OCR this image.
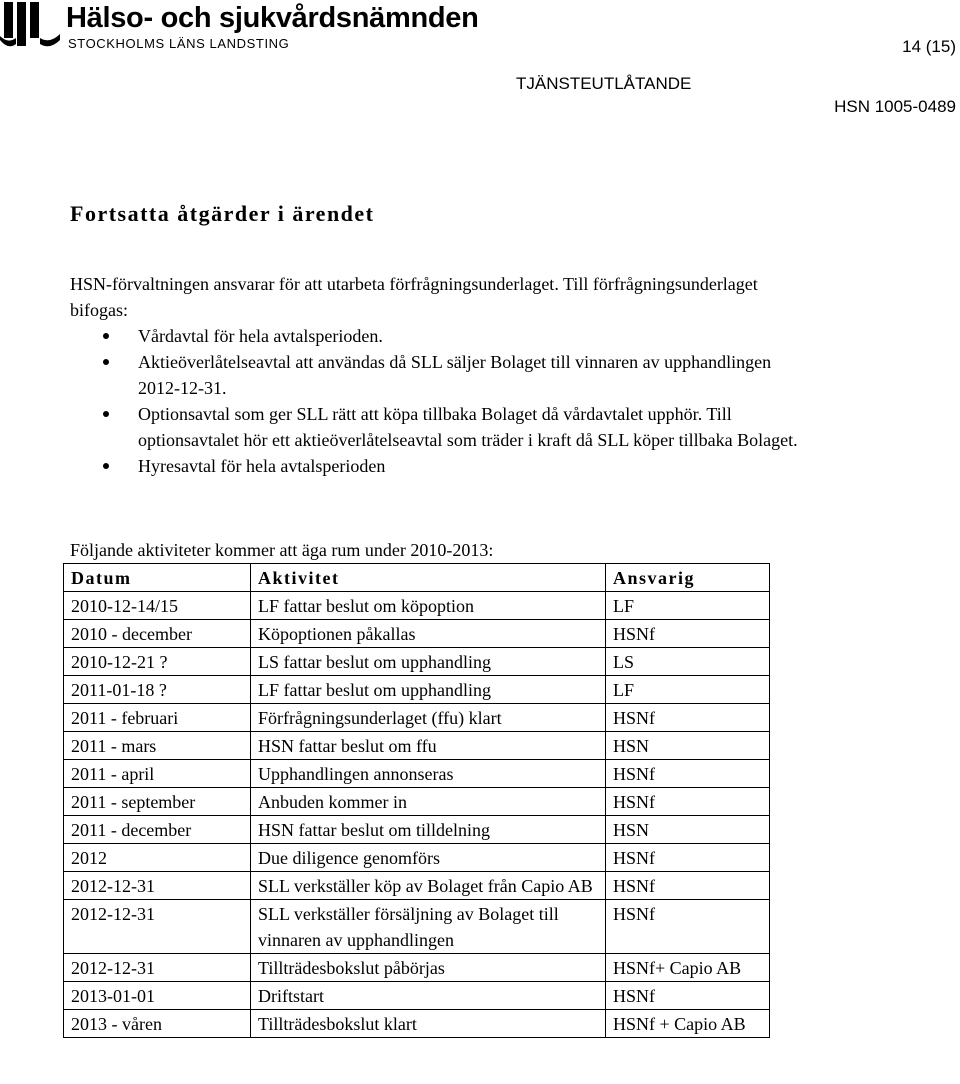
Hälso- och sjukvårdsnämnden
STOCKHOLMS LÄNS LANDSTING	14 (15)
TJÄNSTEUTLÅTANDE
HSN 1005-0489
Fortsatta åtgärder i ärendet
HSN-förvaltningen ansvarar för att utarbeta förfrågningsunderlaget. Till förfrågningsunderlaget bifogas:
Vårdavtal för hela avtalsperioden.
Aktieöverlåtelseavtal att användas då SLL säljer Bolaget till vinnaren av upphandlingen 2012-12-31.
Optionsavtal som ger SLL rätt att köpa tillbaka Bolaget då vårdavtalet upphör. Till optionsavtalet hör ett aktieöverlåtelseavtal som träder i kraft då SLL köper tillbaka Bolaget.
Hyresavtal för hela avtalsperioden
Följande aktiviteter kommer att äga rum under 2010-2013:
Datum	Aktivitet	Ansvarig
2010-12-14/15	LF fattar beslut om köpoption	LF
2010 - december	Köpoptionen påkallas	HSNf
2010-12-21 ?	LS fattar beslut om upphandling	LS
2011-01-18 ?	LF fattar beslut om upphandling	LF
2011 - februari	Förfrågningsunderlaget (ffu) klart	HSNf
2011 - mars	HSN fattar beslut om ffu	HSN
2011 - april	Upphandlingen annonseras	HSNf
2011 - september	Anbuden kommer in	HSNf
2011 - december	HSN fattar beslut om tilldelning	HSN
2012	Due diligence genomförs	HSNf
2012-12-31	SLL verkställer köp av Bolaget från Capio AB	HSNf
2012-12-31	SLL verkställer försäljning av Bolaget till vinnaren av upphandlingen	HSNf
2012-12-31	Tillträdesbokslut påbörjas	HSNf+ Capio AB
2013-01-01	Driftstart	HSNf
2013 - våren	Tillträdesbokslut klart	HSNf + Capio AB
